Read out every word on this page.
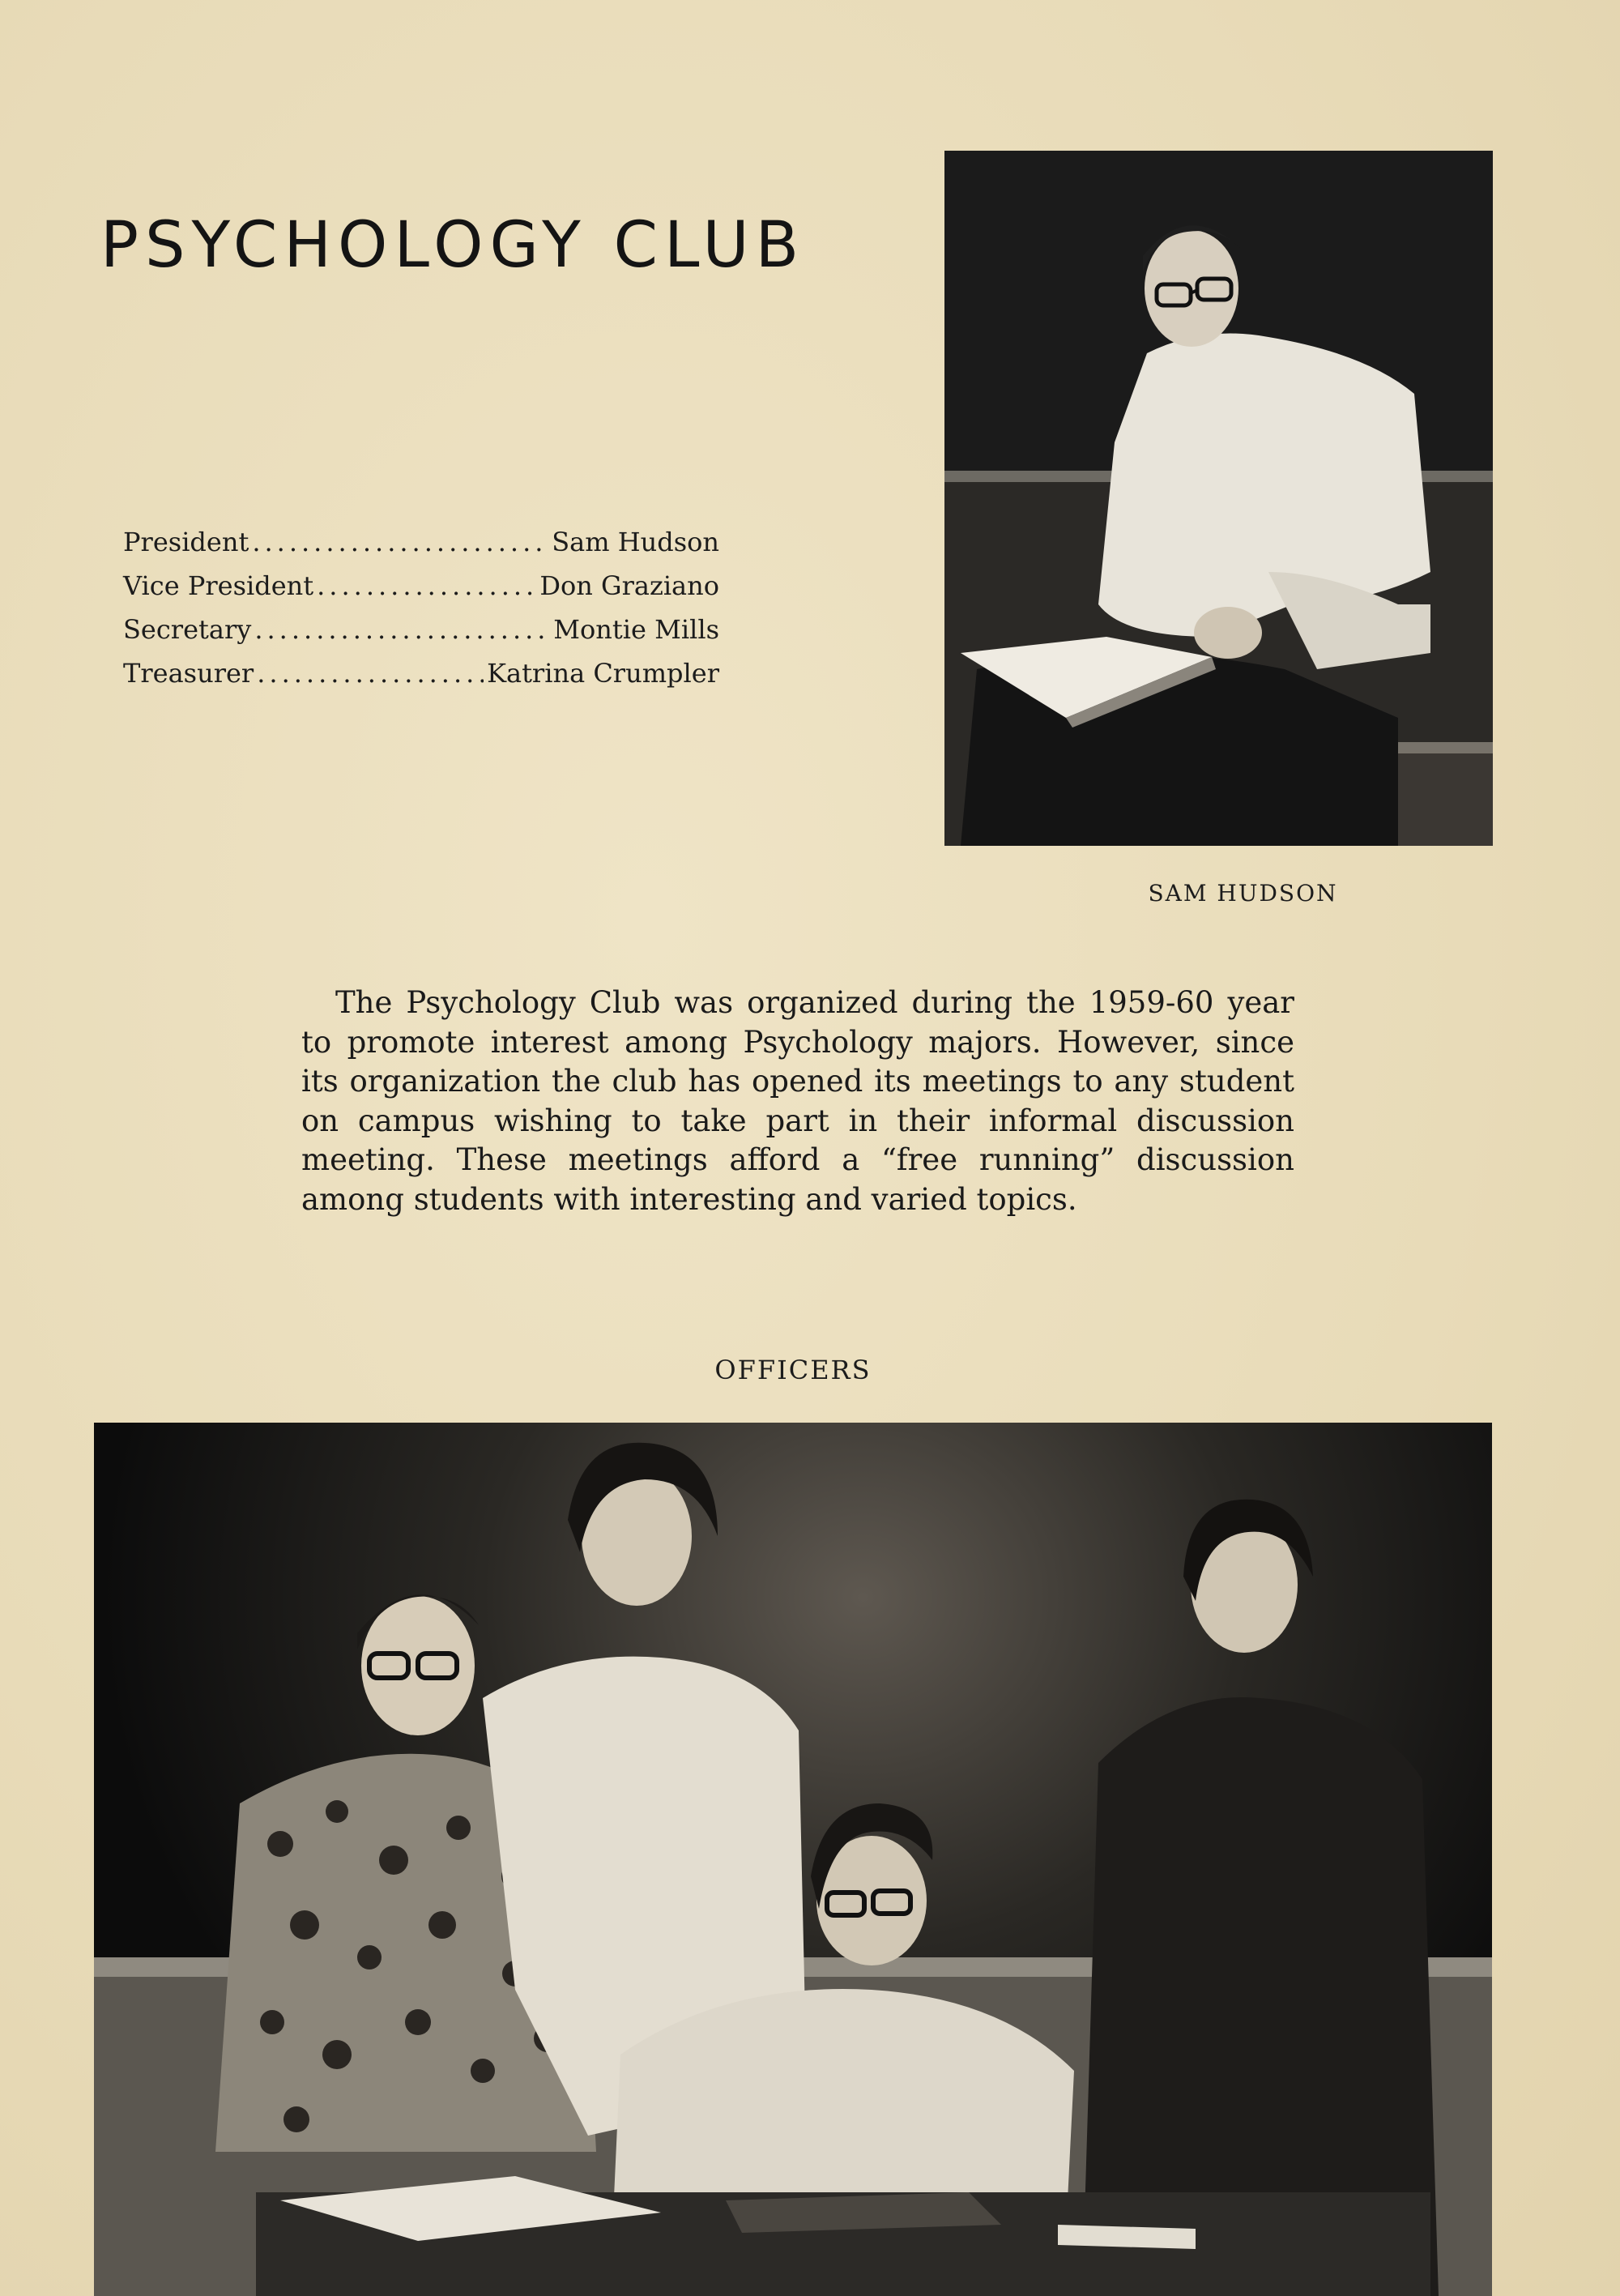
PSYCHOLOGY CLUB
President .....	Sam Hudson
Vice President .....	Don Graziano
Secretary .....	Montie Mills
Treasurer .....	Katrina Crumpler

SAM HUDSON

The Psychology Club was organized during the 1959-60 year to promote interest among Psychology majors. However, since its organization the club has opened its meetings to any student on campus wishing to take part in their informal discussion meeting. These meetings afford a “free running” discussion among students with interesting and varied topics.

OFFICERS
